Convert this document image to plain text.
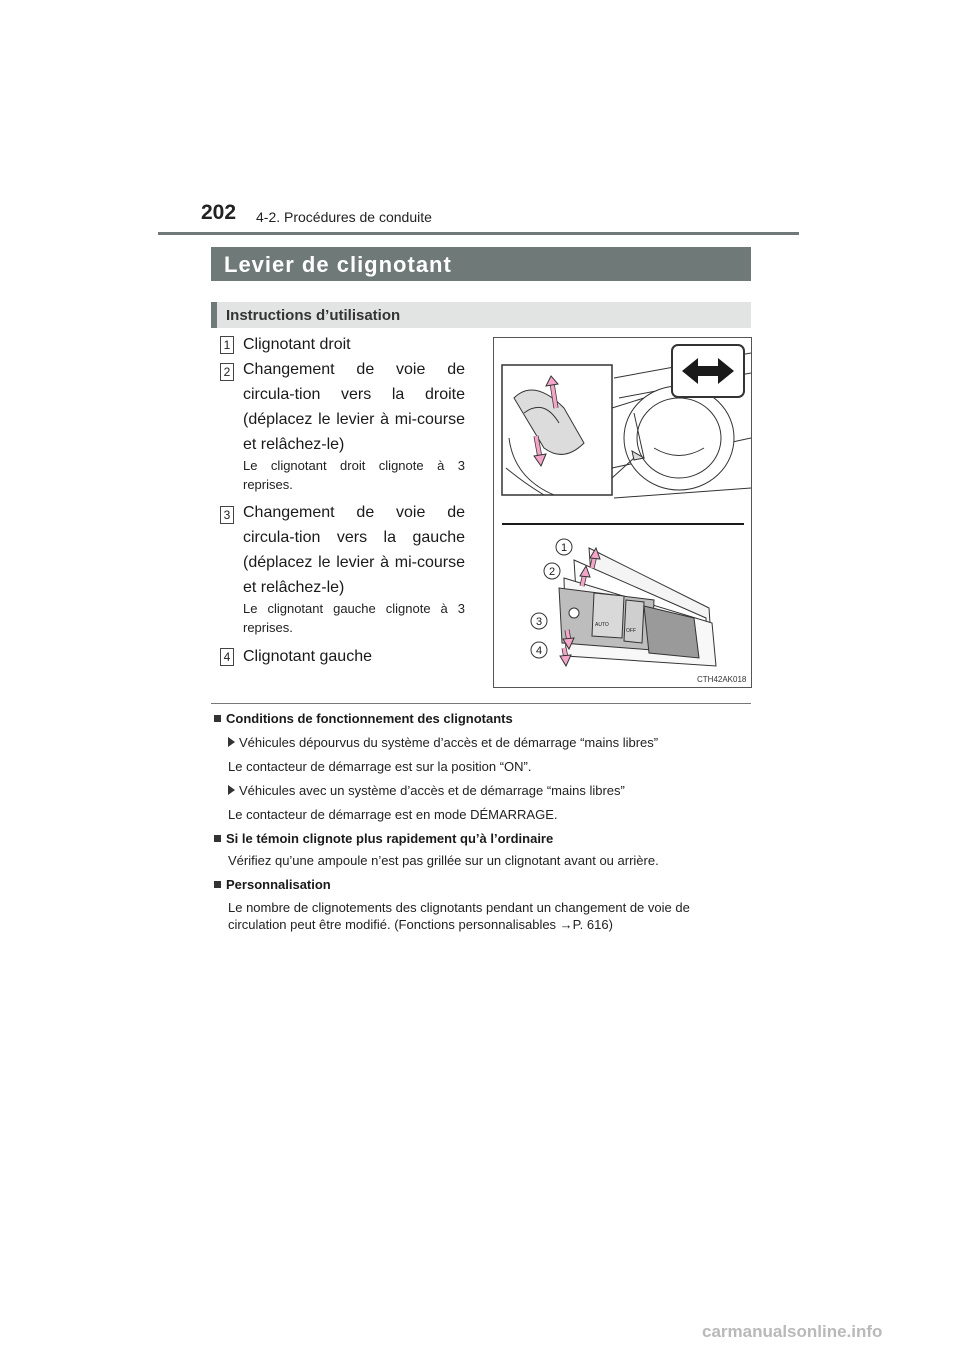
202 4-2. Procédures de conduite
Levier de clignotant
Instructions d’utilisation
1 Clignotant droit
2 Changement de voie de circula-tion vers la droite (déplacez le levier à mi-course et relâchez-le)
Le clignotant droit clignote à 3 reprises.
3 Changement de voie de circula-tion vers la gauche (déplacez le levier à mi-course et relâchez-le)
Le clignotant gauche clignote à 3 reprises.
4 Clignotant gauche
1
2
3
4
AUTO
OFF
CTH42AK018
Conditions de fonctionnement des clignotants
Véhicules dépourvus du système d’accès et de démarrage “mains libres”
Le contacteur de démarrage est sur la position “ON”.
Véhicules avec un système d’accès et de démarrage “mains libres”
Le contacteur de démarrage est en mode DÉMARRAGE.
Si le témoin clignote plus rapidement qu’à l’ordinaire
Vérifiez qu’une ampoule n’est pas grillée sur un clignotant avant ou arrière.
Personnalisation
Le nombre de clignotements des clignotants pendant un changement de voie de circulation peut être modifié. (Fonctions personnalisables →P. 616)
carmanualsonline.info
